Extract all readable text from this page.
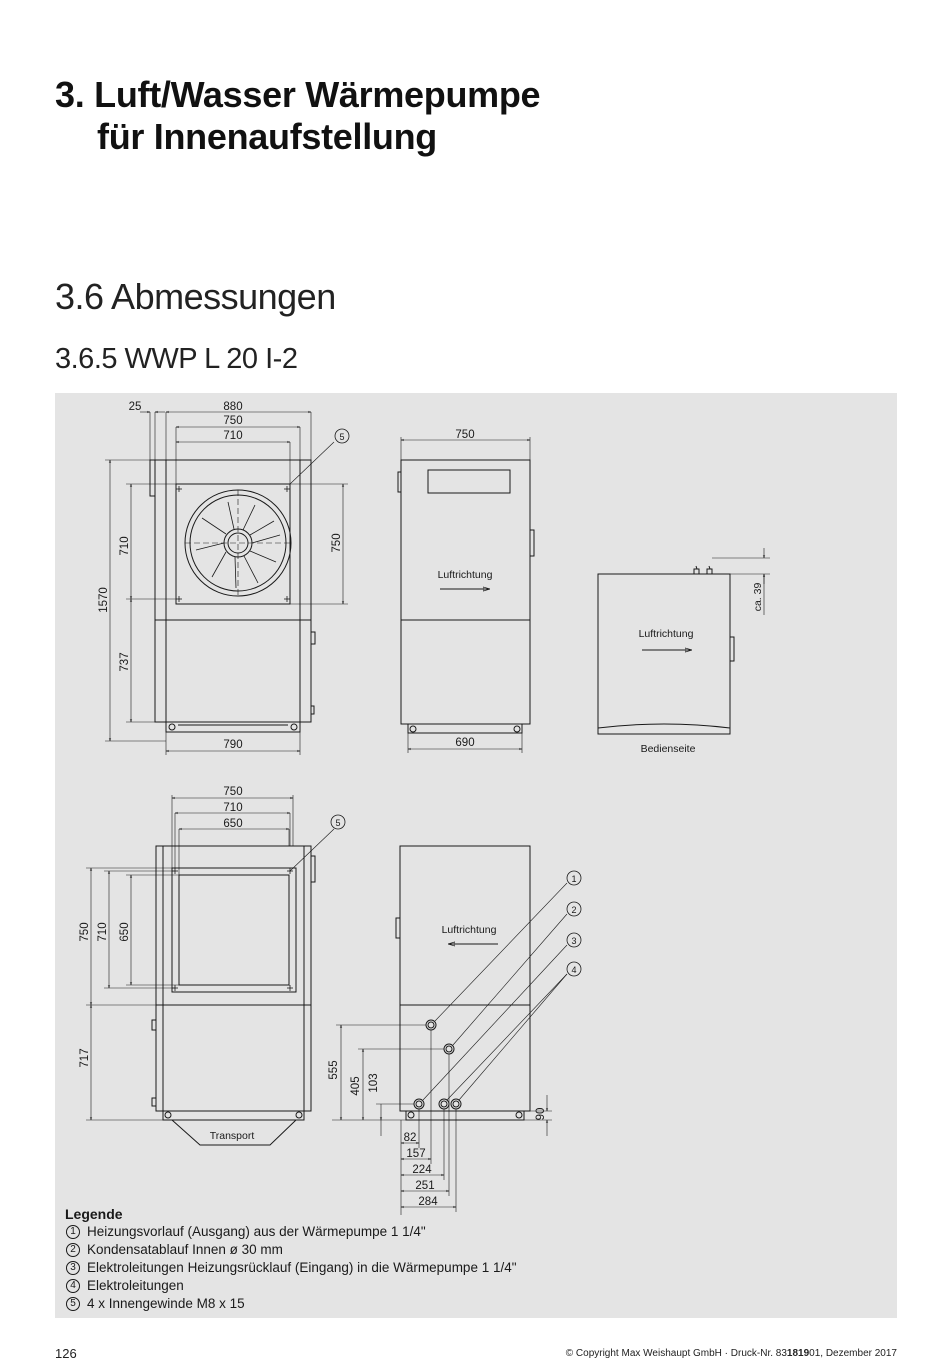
3. Luft/Wasser Wärmepumpe
für Innenaufstellung
3.6 Abmessungen
3.6.5 WWP L 20 I-2
25	880
750
710	5
790
1570
710
737
750
750
690
Luftrichtung
Luftrichtung
Bedienseite
ca. 39
750
710
650	5
750 710 650
717
Transport
Luftrichtung
1
2
3
4
555
405 103
90
82
157
224
251
284
Legende
1 Heizungsvorlauf (Ausgang) aus der Wärmepumpe 1 1/4"
2 Kondensatablauf Innen ø 30 mm
3 Elektroleitungen Heizungsrücklauf (Eingang) in die Wärmepumpe 1 1/4"
4 Elektroleitungen
5 4 x Innengewinde M8 x 15
126	© Copyright Max Weishaupt GmbH · Druck-Nr. 83181901, Dezember 2017
